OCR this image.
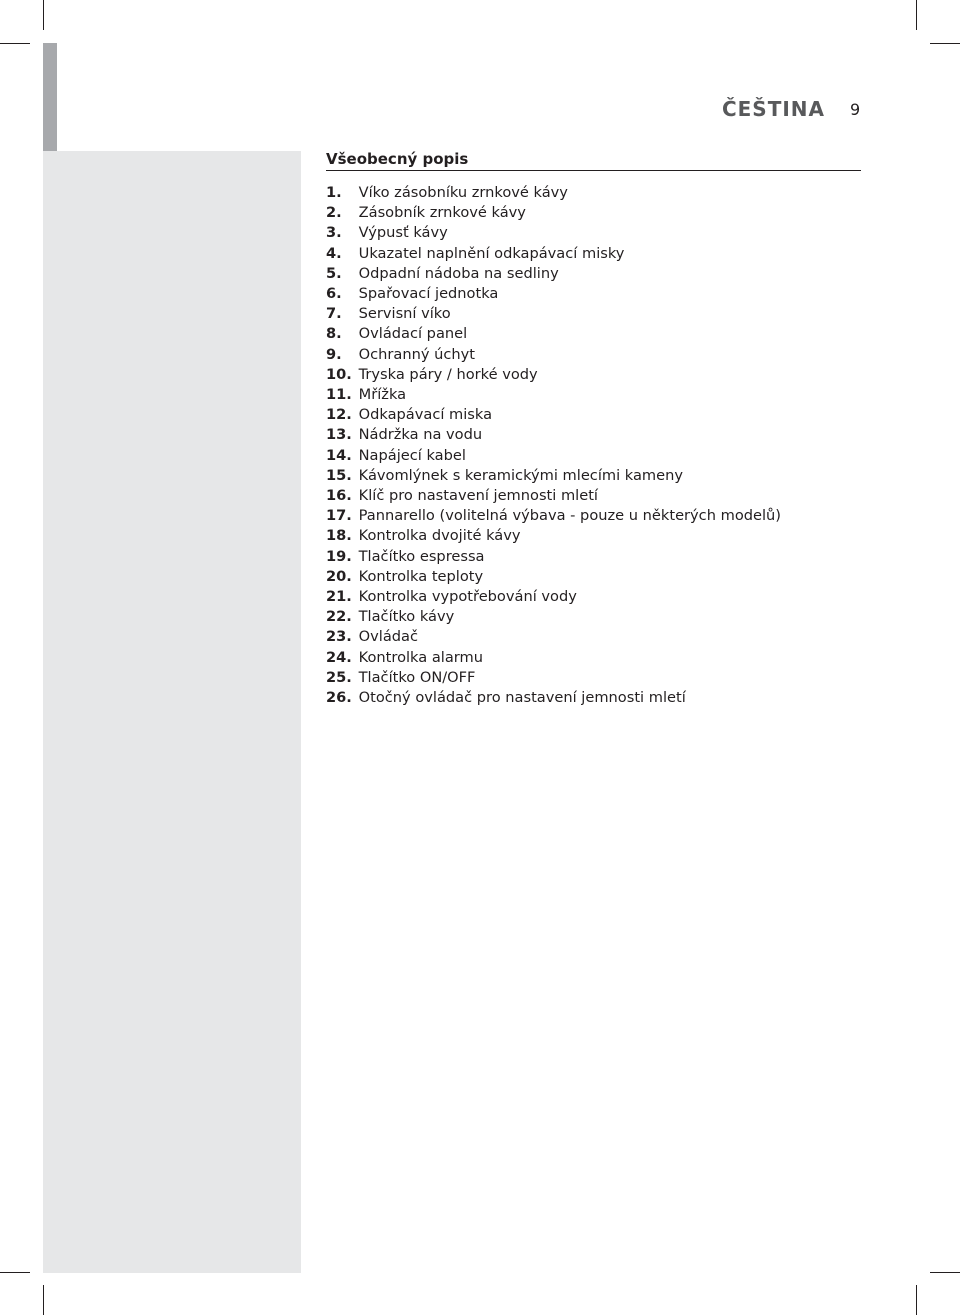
ČEŠTINA 9
Všeobecný popis
1.
	Víko zásobníku zrnkové kávy
2.
	Zásobník zrnkové kávy
3.
	Výpusť kávy
4.
	Ukazatel naplnění odkapávací misky
5.
	Odpadní nádoba na sedliny
6.
	Spařovací jednotka
7.
	Servisní víko
8.
	Ovládací panel
9.
	Ochranný úchyt
10.
Tryska páry / horké vody
11.
Mřížka
12.
Odkapávací miska
13.
Nádržka na vodu
14.
Napájecí kabel
15.
Kávomlýnek s keramickými mlecími kameny
16.
Klíč pro nastavení jemnosti mletí
17.
Pannarello (volitelná výbava - pouze u některých modelů)
18.
Kontrolka dvojité kávy
19.
Tlačítko espressa
20.
Kontrolka teploty
21.
Kontrolka vypotřebování vody
22.
Tlačítko kávy
23.
Ovládač
24.
Kontrolka alarmu
25.
Tlačítko ON/OFF
26.
Otočný ovládač pro nastavení jemnosti mletí
